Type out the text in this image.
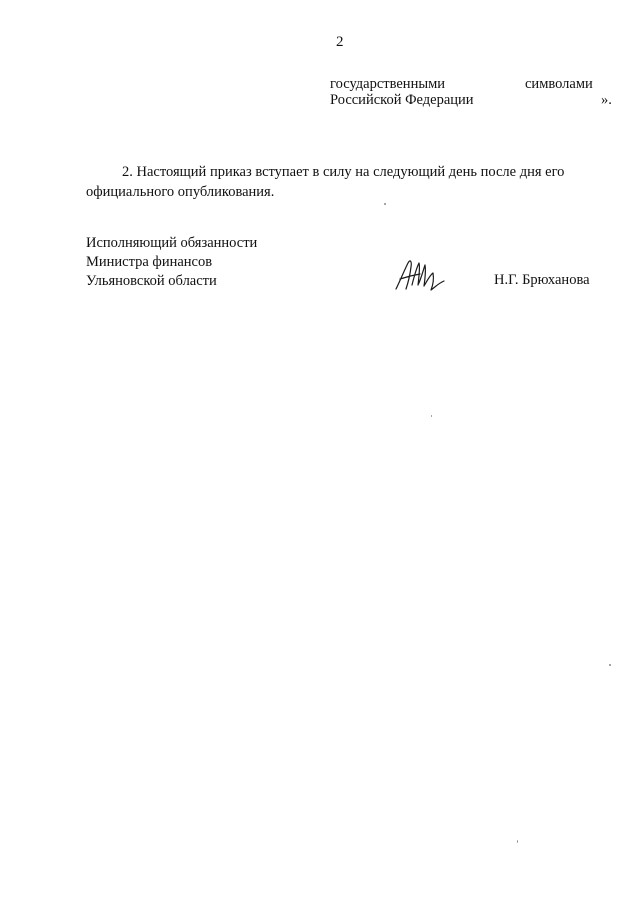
2
государственными	символами
Российской Федерации	».

2. Настоящий приказ вступает в силу на следующий день после дня его официального опубликования.

Исполняющий обязанности
Министра финансов
Ульяновской области	Н.Г. Брюханова
